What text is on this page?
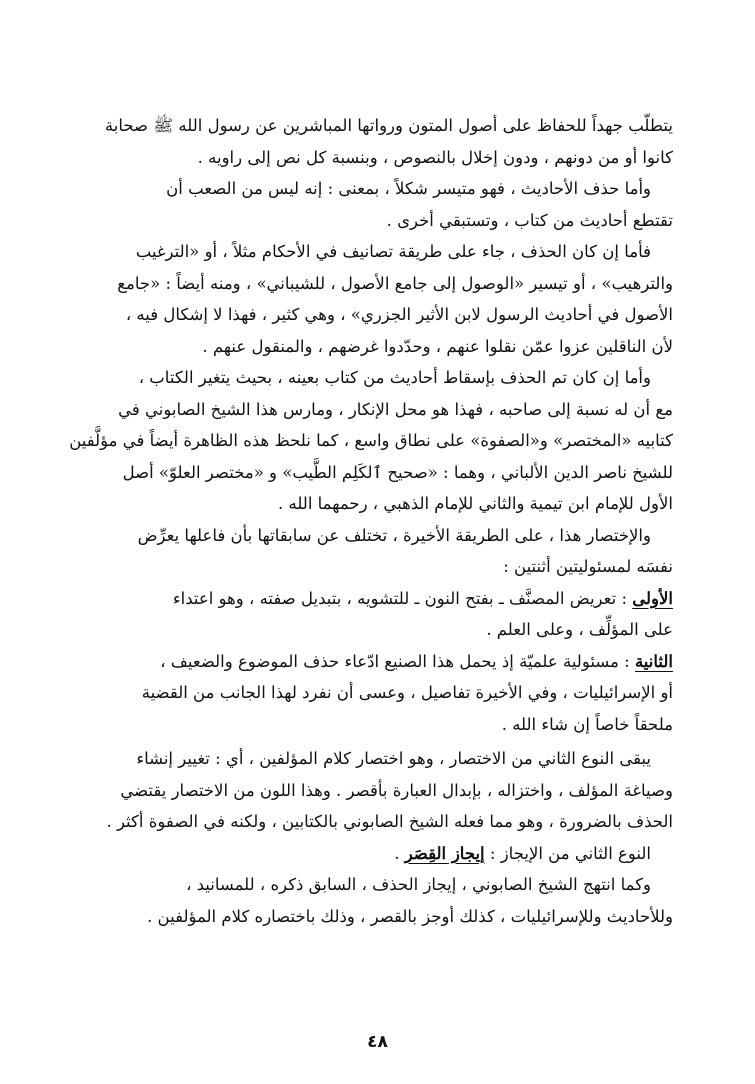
يتطلّب جهداً للحفاظ على أصول المتون ورواتها المباشرين عن رسول الله ﷺ صحابة
كانوا أو من دونهم ، ودون إخلال بالنصوص ، وبنسبة كل نص إلى راويه .
وأما حذف الأحاديث ، فهو متيسر شكلاً ، بمعنى : إنه ليس من الصعب أن
تقتطع أحاديث من كتاب ، وتستبقي أخرى .
فأما إن كان الحذف ، جاء على طريقة تصانيف في الأحكام مثلاً ، أو «الترغيب
والترهيب» ، أو تيسير «الوصول إلى جامع الأصول ، للشيباني» ، ومنه أيضاً : «جامع
الأصول في أحاديث الرسول لابن الأثير الجزري» ، وهي كثير ، فهذا لا إشكال فيه ،
لأن الناقلين عزوا عمّن نقلوا عنهم ، وحدّدوا غرضهم ، والمنقول عنهم .
وأما إن كان تم الحذف بإسقاط أحاديث من كتاب بعينه ، بحيث يتغير الكتاب ،
مع أن له نسبة إلى صاحبه ، فهذا هو محل الإنكار ، ومارس هذا الشيخ الصابوني في
كتابيه «المختصر» و«الصفوة» على نطاق واسع ، كما نلحظ هذه الظاهرة أيضاً في مؤلَّفين
للشيخ ناصر الدين الألباني ، وهما : «صحيح ٱلكَلِم الطَّيب» و «مختصر العلوّ» أصل
الأول للإمام ابن تيمية والثاني للإمام الذهبي ، رحمهما الله .
والإختصار هذا ، على الطريقة الأخيرة ، تختلف عن سابقاتها بأن فاعلها يعرِّض
نفسَه لمسئوليتين أثنتين :
الأولى : تعريض المصنَّف ـ بفتح النون ـ للتشويه ، بتبديل صفته ، وهو اعتداء
على المؤلِّف ، وعلى العلم .
الثانية : مسئولية علميّة إذ يحمل هذا الصنيع ادّعاء حذف الموضوع والضعيف ،
أو الإسرائيليات ، وفي الأخيرة تفاصيل ، وعسى أن نفرد لهذا الجانب من القضية
ملحقاً خاصاً إن شاء الله .
يبقى النوع الثاني من الاختصار ، وهو اختصار كلام المؤلفين ، أي : تغيير إنشاء
وصياغة المؤلف ، واختزاله ، بإبدال العبارة بأقصر . وهذا اللون من الاختصار يقتضي
الحذف بالضرورة ، وهو مما فعله الشيخ الصابوني بالكتابين ، ولكنه في الصفوة أكثر .
النوع الثاني من الإيجاز : إيجاز القِصَر .
وكما انتهج الشيخ الصابوني ، إيجاز الحذف ، السابق ذكره ، للمسانيد ،
وللأحاديث وللإسرائيليات ، كذلك أوجز بالقصر ، وذلك باختصاره كلام المؤلفين .
٤٨
